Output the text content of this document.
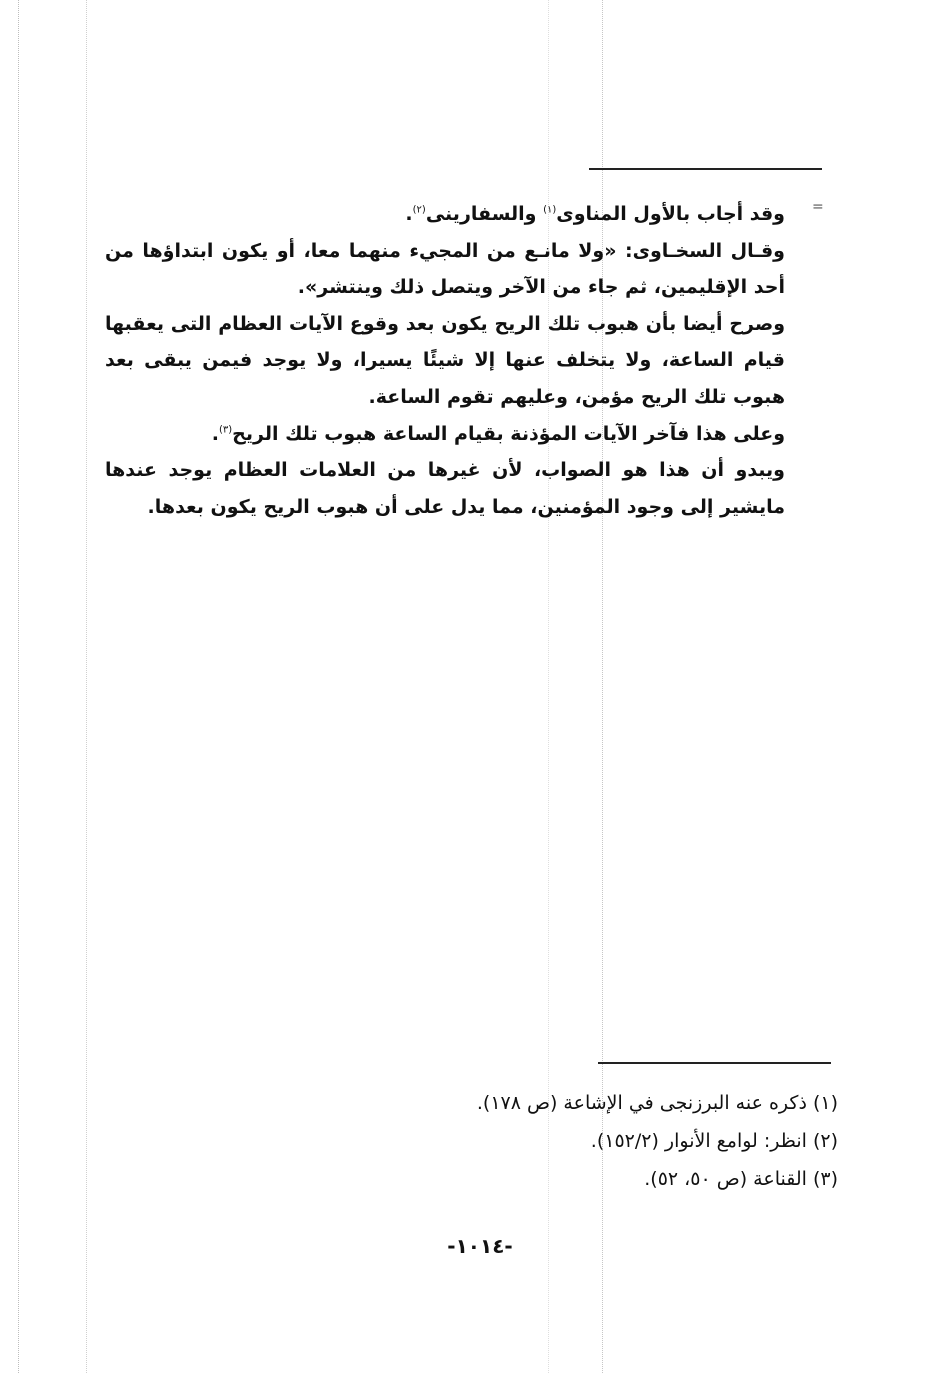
=

وقد أجاب بالأول المناوى$^{(١)}$ والسفارينى$^{(٢)}$.

وقـال السخـاوى: «ولا مانـع من المجيء منهما معا، أو يكون ابتداؤها من أحد الإقليمين، ثم جاء من الآخر ويتصل ذلك وينتشر».

وصرح أيضا بأن هبوب تلك الريح يكون بعد وقوع الآيات العظام التى يعقبها قيام الساعة، ولا يتخلف عنها إلا شيئًا يسيرا، ولا يوجد فيمن يبقى بعد هبوب تلك الريح مؤمن، وعليهم تقوم الساعة.

وعلى هذا فآخر الآيات المؤذنة بقيام الساعة هبوب تلك الريح$^{(٣)}$.

ويبدو أن هذا هو الصواب، لأن غيرها من العلامات العظام يوجد عندها مايشير إلى وجود المؤمنين، مما يدل على أن هبوب الريح يكون بعدها.

(١) ذكره عنه البرزنجى في الإشاعة (ص ١٧٨).

(٢) انظر: لوامع الأنوار (١٥٢/٢).

(٣) القناعة (ص ٥٠، ٥٢).

-١٠١٤-
